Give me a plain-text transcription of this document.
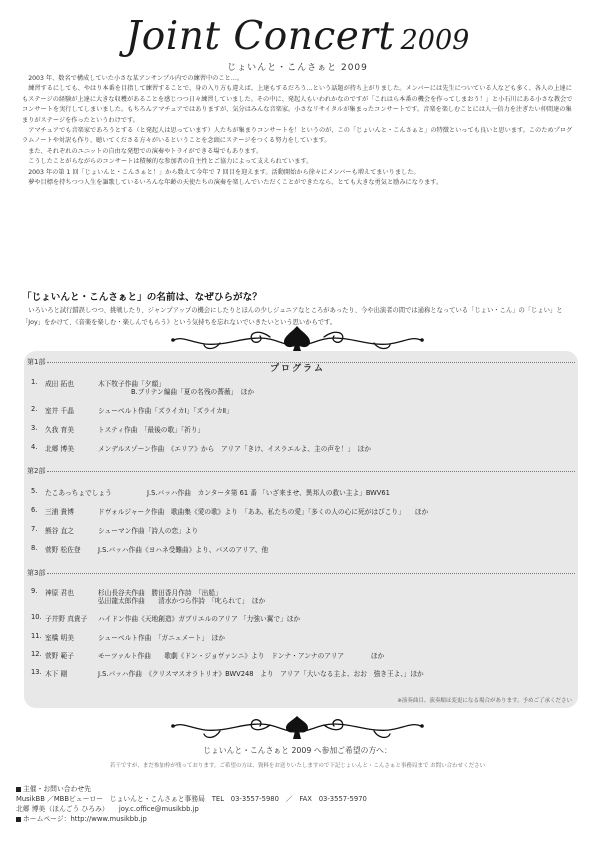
Joint Concert 2009
じょいんと・こんさぁと 2009

2003 年、数名で構成していた小さな某アンサンブル内での練習中のこと…。

練習するにしても、やはり本番を目指して練習することで、身の入り方も違えば、上達もするだろう…という話題が持ち上がりました。メンバーには先生についている人なども多く、各人の上達にもステージの経験が上達に大きな収穫があることを感じつつ日々練習していました。その中に、発起人もいわれかなのですが「これはら本番の機会を作ってしまおう！」と小石川にある小さな教会でコンサートを実行してしまいました。もちろんアマチュアではありますが、気分はみんな音楽家。小さなリサイタルが集まったコンサートです。音楽を楽しむことには人一倍力を注ぎたい仲間達の集まりがステージを作ったというわけです。

アマチュアでも音楽家であろうとする（と発起人は思っています）人たちが集まりコンサートを！というのが、この「じょいんと・こんさぁと」の特徴といっても良いと思います。このためプログラムノートや対訳も作り、聴いてくださる方々がいるということを念頭にステージをつくる努力をしています。

また、それぞれのユニットの自由な発想での演奏やトライができる場でもあります。

こうしたことがらながらのコンサートは積極的な参加者の自主性とご協力によって支えられています。

2003 年の第 1 回「じょいんと・こんさぁと！」から数えて今年で 7 回目を迎えます。活動開始から徐々にメンバーも増えてまいりました。

夢や目標を持ちつつ人生を謳歌しているいろんな年齢の天使たちの演奏を楽しんでいただくことができたなら、とても大きな勇気と励みになります。

「じょいんと・こんさぁと」の名前は、なぜひらがな？

いろいろと試行錯誤しつつ、挑戦したり、ジャンプアップの機会にしたりとほんの少しジュニアなところがあったり、今や出演者の間では通称となっている「じょい・こん」の「じょい」と「Joy」をかけて、《音楽を楽しむ・楽しんでもらう》という気持ちを忘れないでいきたいという思いからです。

プログラム
第1部
1. 成田 拓也	木下牧子作曲「夕顔」
B.ブリテン編曲「夏の名残の薔薇」　ほか
2. 室井 千晶	シューベルト作曲「ズライカⅠ」「ズライカⅡ」
3. 久我 育美	トスティ作曲　「最後の歌」「祈り」
4. 北郷 博美	メンデルスゾーン作曲　《エリア》から　アリア「きけ、イスラエルよ、主の声を！」　ほか
第2部
5. たこあっちょでしょう	J.S.バッハ作曲　カンタータ第 61 番 「いざ来ませ、異邦人の救い主よ」BWV61
6. 三浦 貴博	ドヴォルジャーク作曲　歌曲集《愛の歌》より　「ああ、私たちの愛」「多くの人の心に死がはびこり」　　ほか
7. 熊谷 直之	シューマン作曲「詩人の恋」より
8. 菅野 松佐登	J.S.バッハ作曲《ヨハネ受難曲》より、バスのアリア、他
第3部
9. 神原 君也	杉山長谷夫作曲　勝田香月作詩　「出船」
弘田龍太郎作曲　　清水かつら作詩　「叱られて」　ほか
10. 子井野 真貴子 ハイドン作曲《天地創造》ガブリエルのアリア 「力強い翼で」ほか
11. 室橋 明美	シューベルト作曲　「ガニュメート」　ほか
12. 菅野 範子	モーツァルト作曲　　歌劇《ドン・ジョヴァンニ》より　ドンナ・アンナのアリア　　　　ほか
13. 木下 剛	J.S.バッハ作曲　《クリスマスオラトリオ》BWV248　より　アリア「大いなる主よ、おお　強き王よ、」ほか
※演奏曲目、演奏順は変更になる場合があります。予めご了承ください
じょいんと・こんさぁと 2009 へ参加ご希望の方へ：
若干ですが、まだ参加枠が残っております。ご希望の方は、資料をお送りいたしますので下記じょいんと・こんさぁと事務局まで お問い合わせください
主催・お問い合わせ先
MusikBB ／MBBビューロー　じょいんと・こんさぁと事務局　TEL　03-3557-5980　／　FAX　03-3557-5970
北郷 博美（ほんごう ひろみ）　　joy.c.office@musikbb.jp
ホームページ：http://www.musikbb.jp
